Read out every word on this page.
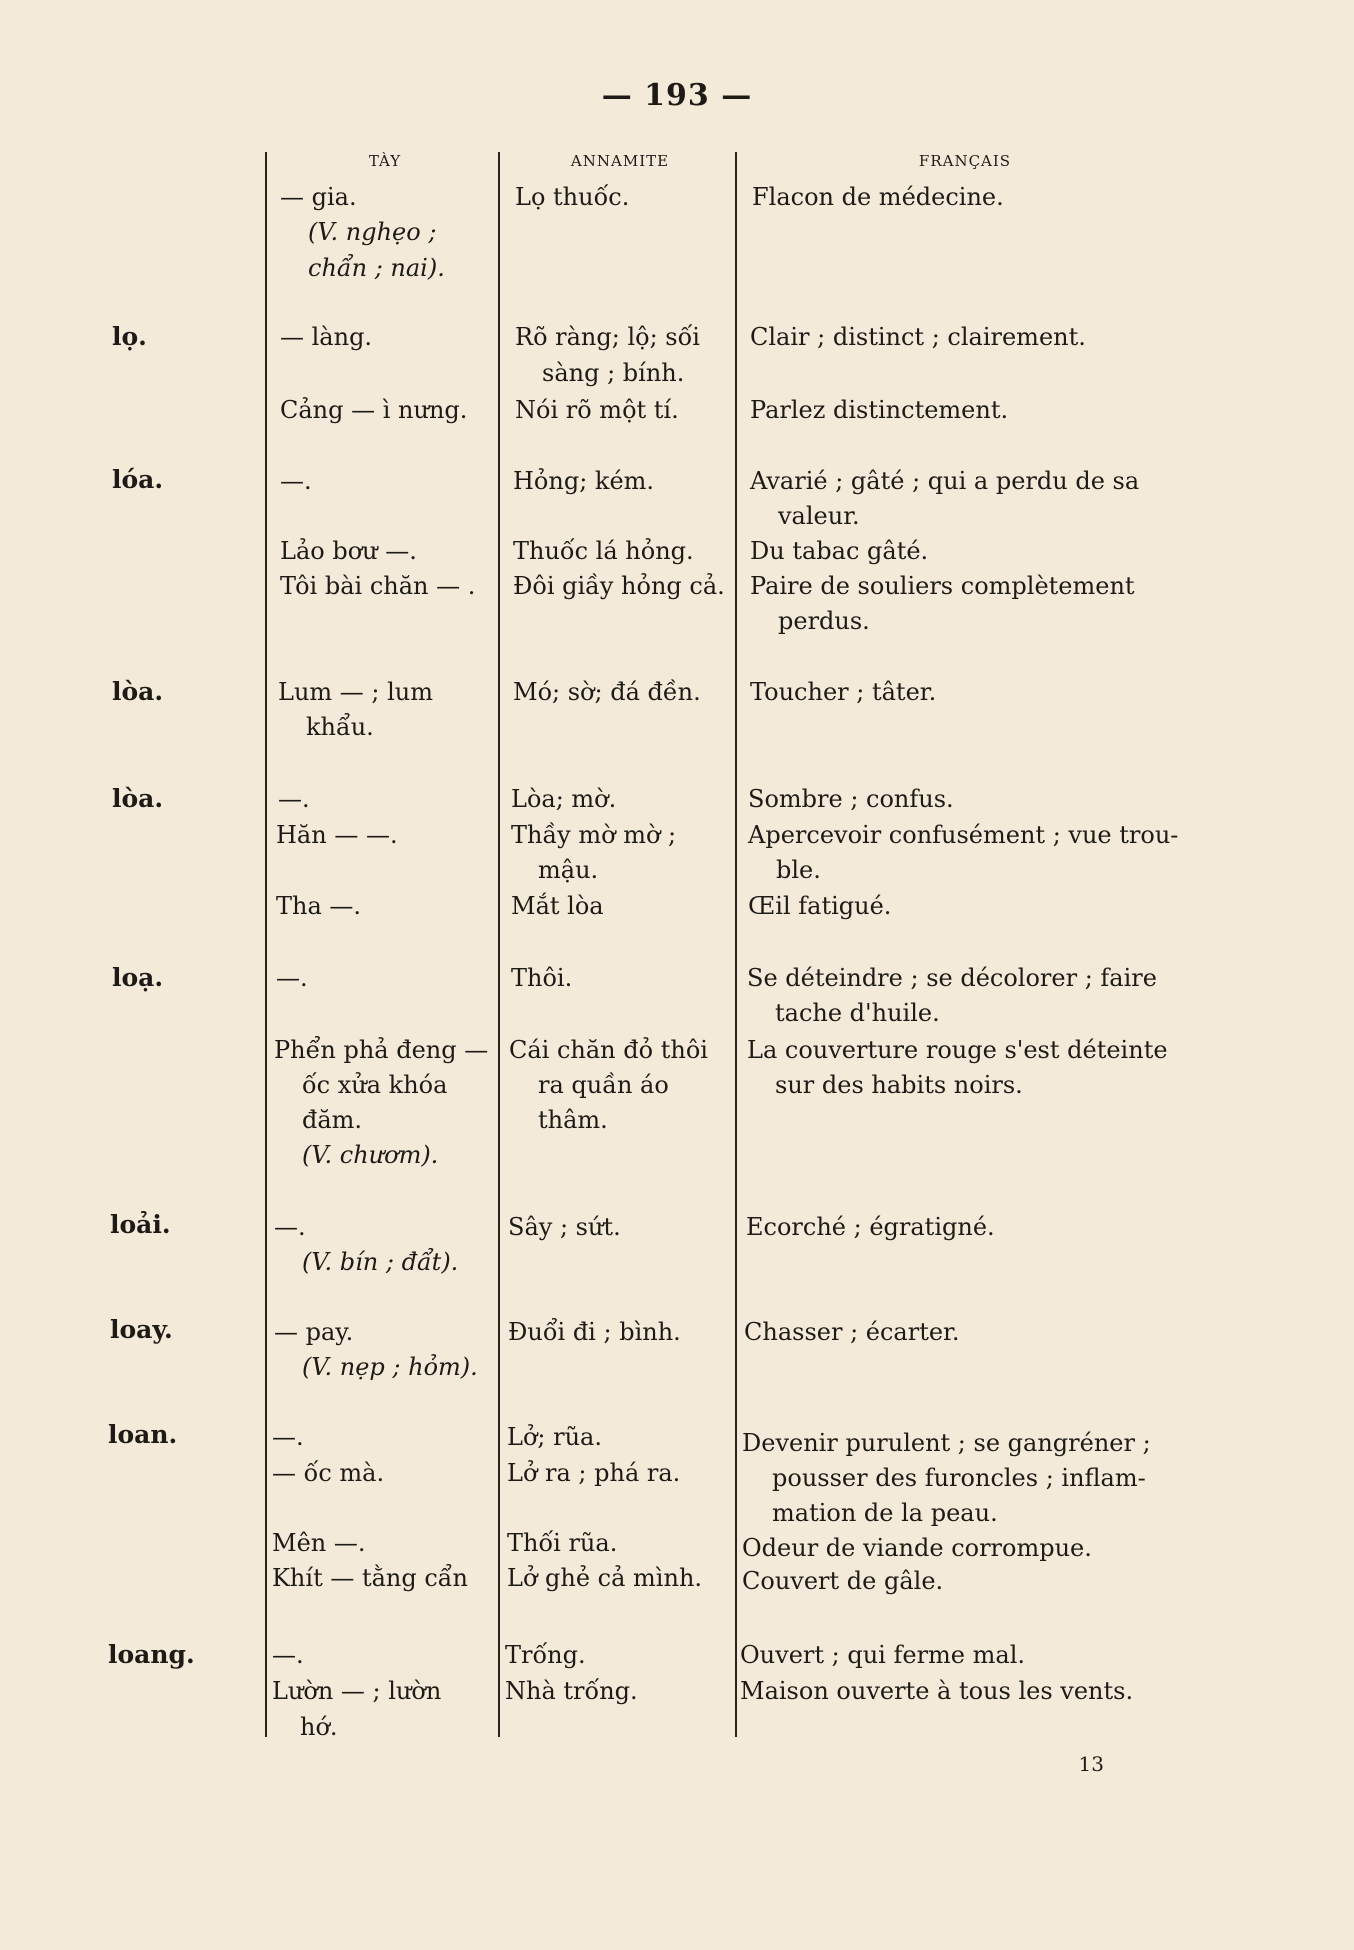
— 193 —
TÀY	ANNAMITE	FRANÇAIS
lọ.
lóa.
lòa.
lòa.
loạ.
loải.
loay.
loan.
loang.
— gia.
(V. nghẹo ;
chẩn ; nai).
— làng.
Cảng — ì nưng.
—.
Lảo bơư —.
Tôi bài chăn — .
Lum — ; lum
khẩu.
—.
Hăn — —.
Tha —.
—.
Phển phả đeng —
ốc xửa khóa
đăm.
(V. chươm).
—.
(V. bín ; đẩt).
— pay.
(V. nẹp ; hỏm).
—.
— ốc mà.
Mên —.
Khít — tằng cẩn
—.
Lườn — ; lườn
hớ.
Lọ thuốc.
Rõ ràng; lộ; sối
sàng ; bính.
Nói rõ một tí.
Hỏng; kém.
Thuốc lá hỏng.
Đôi giầy hỏng cả.
Mó; sờ; đá đền.
Lòa; mờ.
Thầy mờ mờ ;
mậu.
Mắt lòa
Thôi.
Cái chăn đỏ thôi
ra quần áo
thâm.
Sây ; sứt.
Đuổi đi ; bình.
Lở; rũa.
Lở ra ; phá ra.
Thối rũa.
Lở ghẻ cả mình.
Trống.
Nhà trống.
Flacon de médecine.
Clair ; distinct ; clairement.
Parlez distinctement.
Avarié ; gâté ; qui a perdu de sa
valeur.
Du tabac gâté.
Paire de souliers complètement
perdus.
Toucher ; tâter.
Sombre ; confus.
Apercevoir confusément ; vue trou-
ble.
Œil fatigué.
Se déteindre ; se décolorer ; faire
tache d'huile.
La couverture rouge s'est déteinte
sur des habits noirs.
Ecorché ; égratigné.
Chasser ; écarter.
Devenir purulent ; se gangréner ;
pousser des furoncles ; inflam-
mation de la peau.
Odeur de viande corrompue.
Couvert de gâle.
Ouvert ; qui ferme mal.
Maison ouverte à tous les vents.
13
